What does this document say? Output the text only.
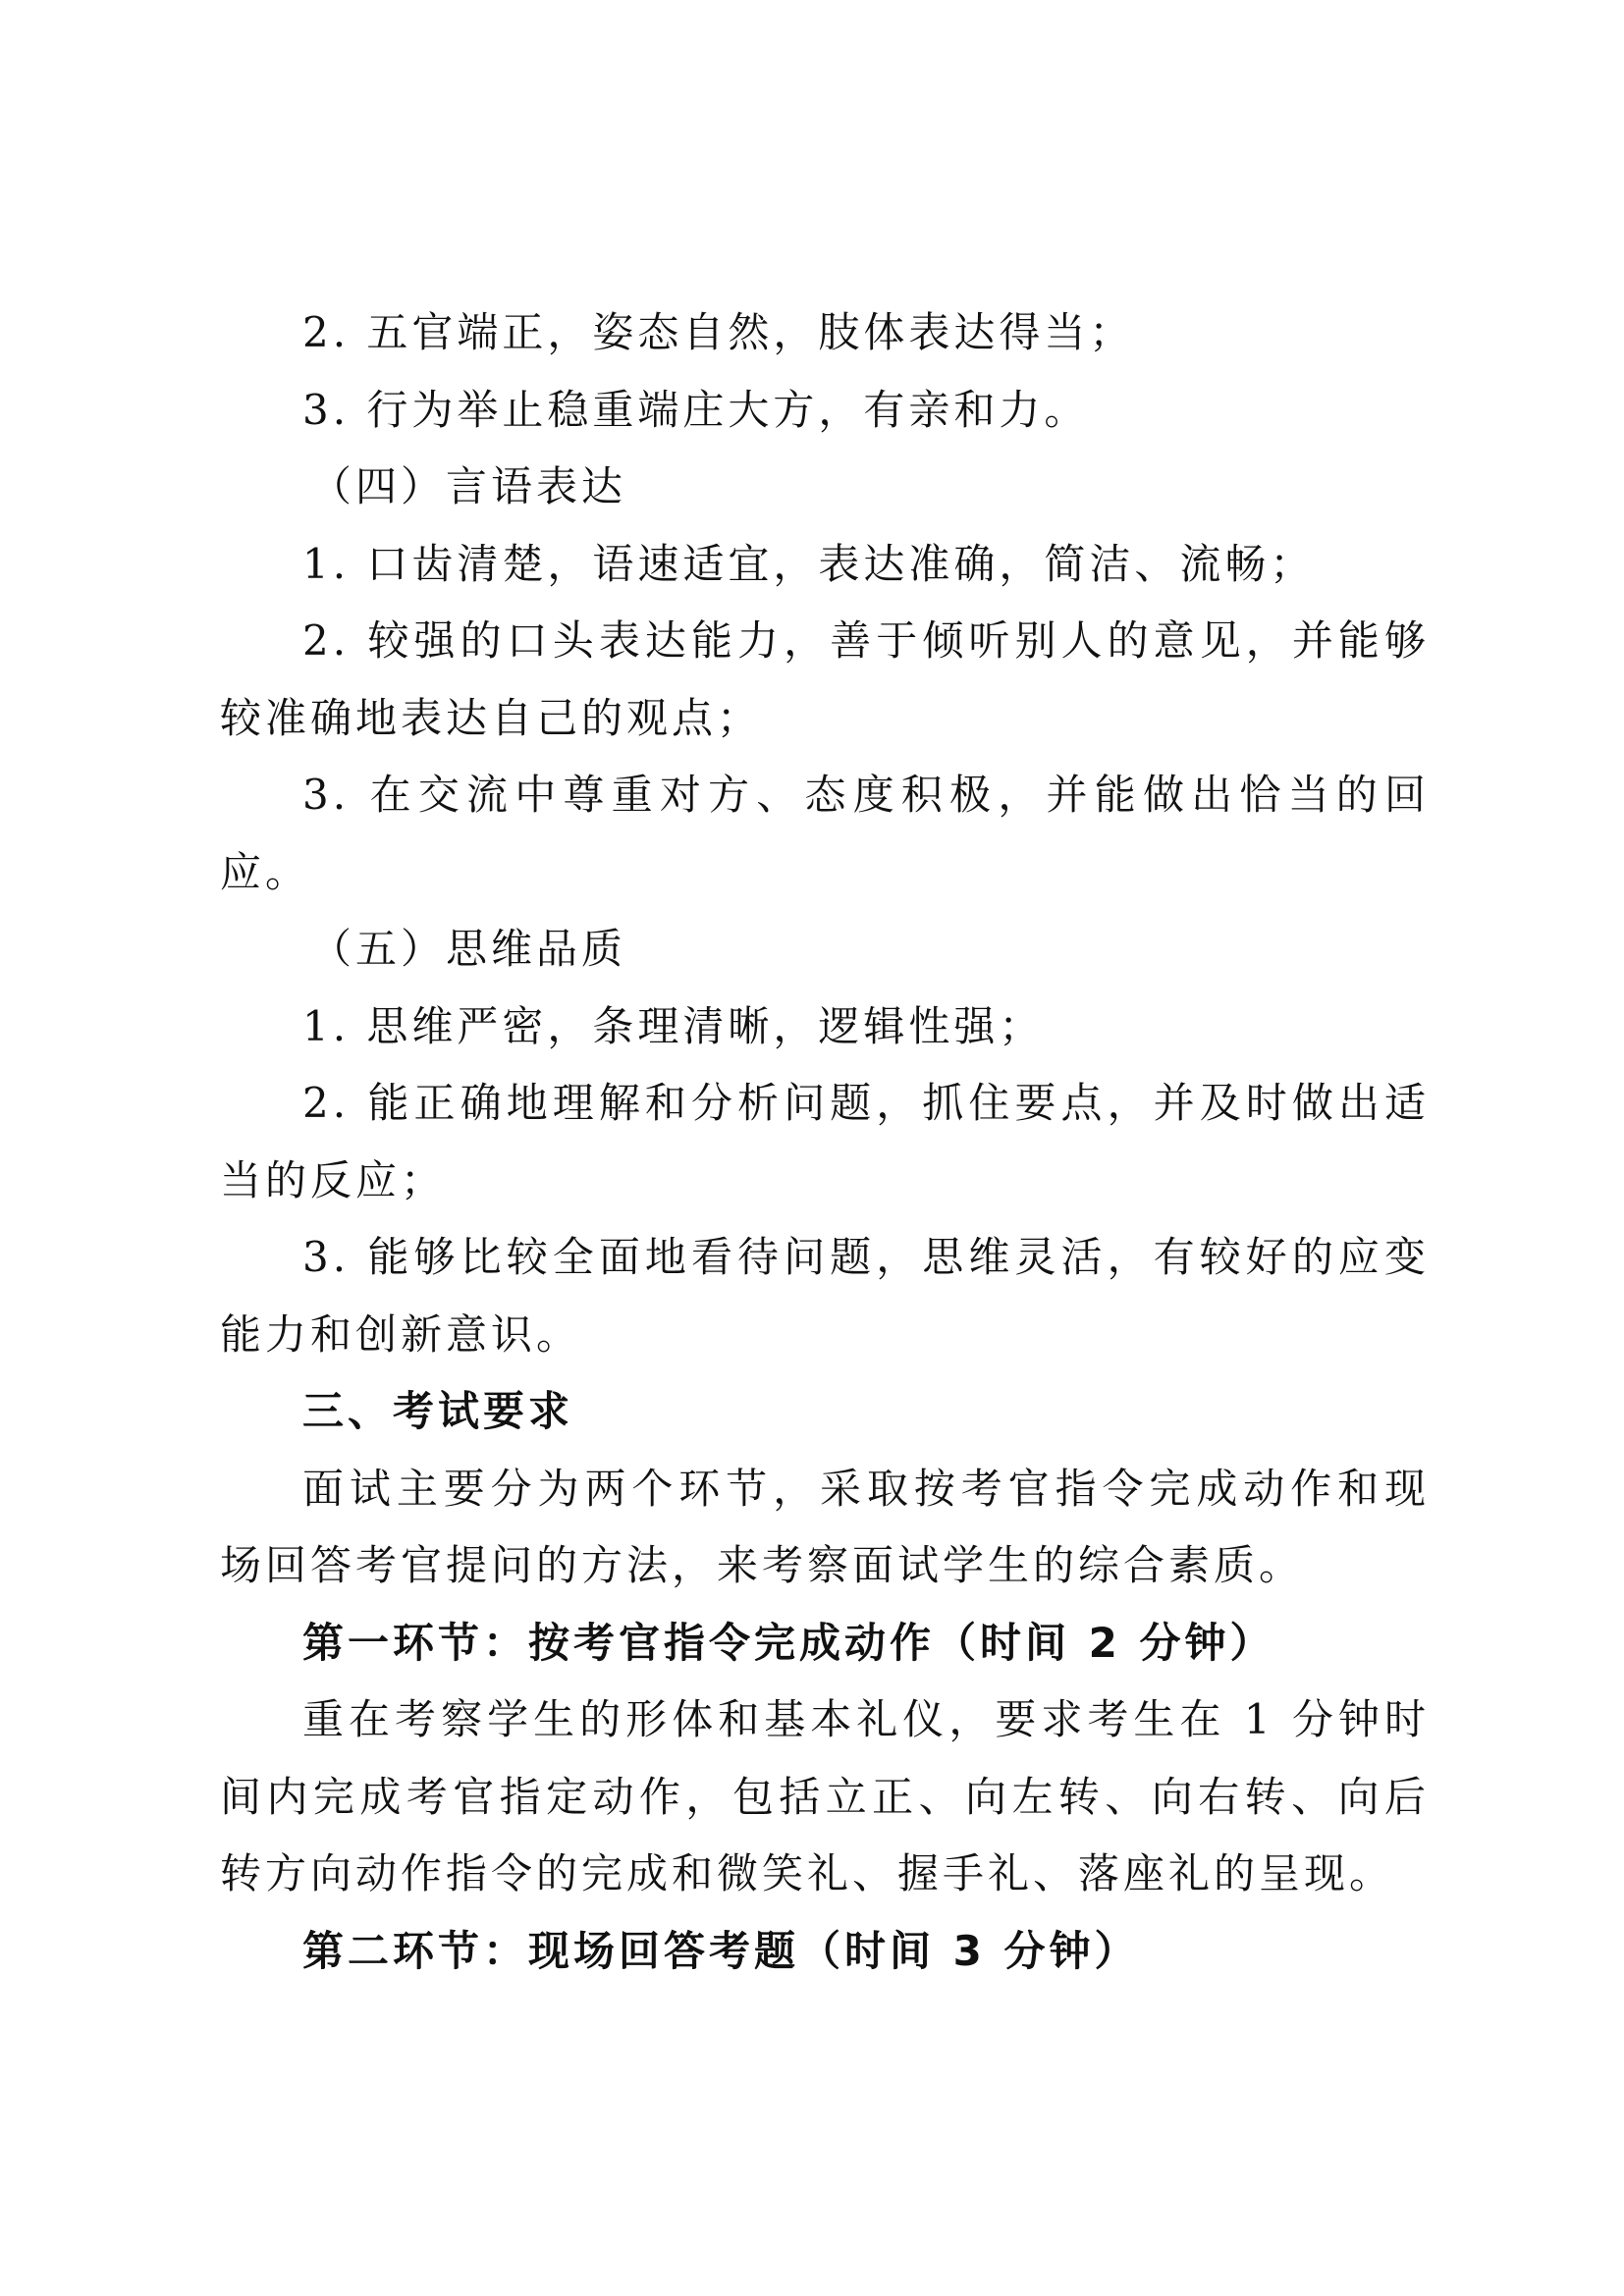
2. 五官端正，姿态自然，肢体表达得当；

3. 行为举止稳重端庄大方，有亲和力。

（四）言语表达

1. 口齿清楚，语速适宜，表达准确，简洁、流畅；

2. 较强的口头表达能力，善于倾听别人的意见，并能够较准确地表达自己的观点；

3. 在交流中尊重对方、态度积极，并能做出恰当的回应。

（五）思维品质

1. 思维严密，条理清晰，逻辑性强；

2. 能正确地理解和分析问题，抓住要点，并及时做出适当的反应；

3. 能够比较全面地看待问题，思维灵活，有较好的应变能力和创新意识。

三、考试要求

面试主要分为两个环节，采取按考官指令完成动作和现场回答考官提问的方法，来考察面试学生的综合素质。

第一环节：按考官指令完成动作（时间 2 分钟）

重在考察学生的形体和基本礼仪，要求考生在 1 分钟时间内完成考官指定动作，包括立正、向左转、向右转、向后转方向动作指令的完成和微笑礼、握手礼、落座礼的呈现。

第二环节：现场回答考题（时间 3 分钟）
